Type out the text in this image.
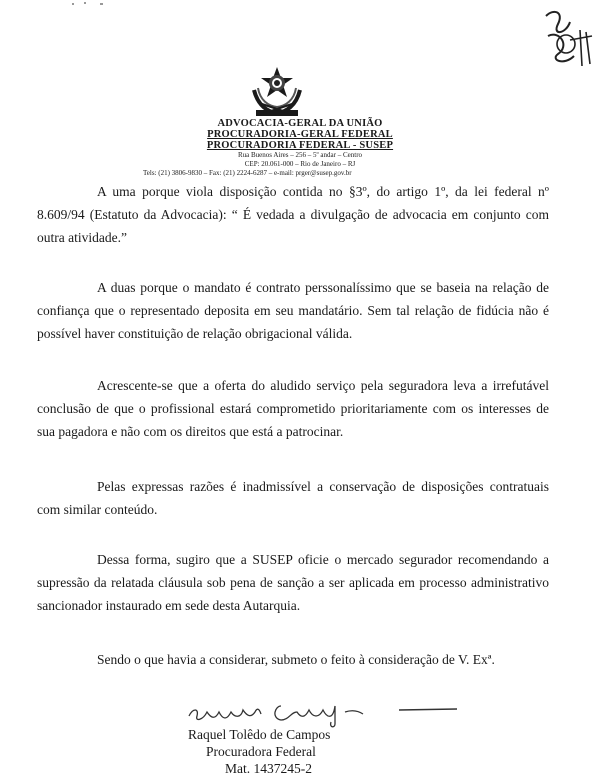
ADVOCACIA-GERAL DA UNIÃO
PROCURADORIA-GERAL FEDERAL
PROCURADORIA FEDERAL - SUSEP
Rua Buenos Aires – 256 – 5º andar – Centro
CEP: 20.061-000 – Rio de Janeiro – RJ
Tels: (21) 3806-9830 – Fax: (21) 2224-6287 – e-mail: prger@susep.gov.br

A uma porque viola disposição contida no §3º, do artigo 1º, da lei federal nº 8.609/94 (Estatuto da Advocacia): “ É vedada a divulgação de advocacia em conjunto com outra atividade.”

A duas porque o mandato é contrato perssonalíssimo que se baseia na relação de confiança que o representado deposita em seu mandatário. Sem tal relação de fidúcia não é possível haver constituição de relação obrigacional válida.

Acrescente-se que a oferta do aludido serviço pela seguradora leva a irrefutável conclusão de que o profissional estará comprometido prioritariamente com os interesses de sua pagadora e não com os direitos que está a patrocinar.

Pelas expressas razões é inadmissível a conservação de disposições contratuais com similar conteúdo.

Dessa forma, sugiro que a SUSEP oficie o mercado segurador recomendando a supressão da relatada cláusula sob pena de sanção a ser aplicada em processo administrativo sancionador instaurado em sede desta Autarquia.

Sendo o que havia a considerar, submeto o feito à consideração de V. Exª.

Raquel Tolêdo de Campos
Procuradora Federal
Mat. 1437245-2
